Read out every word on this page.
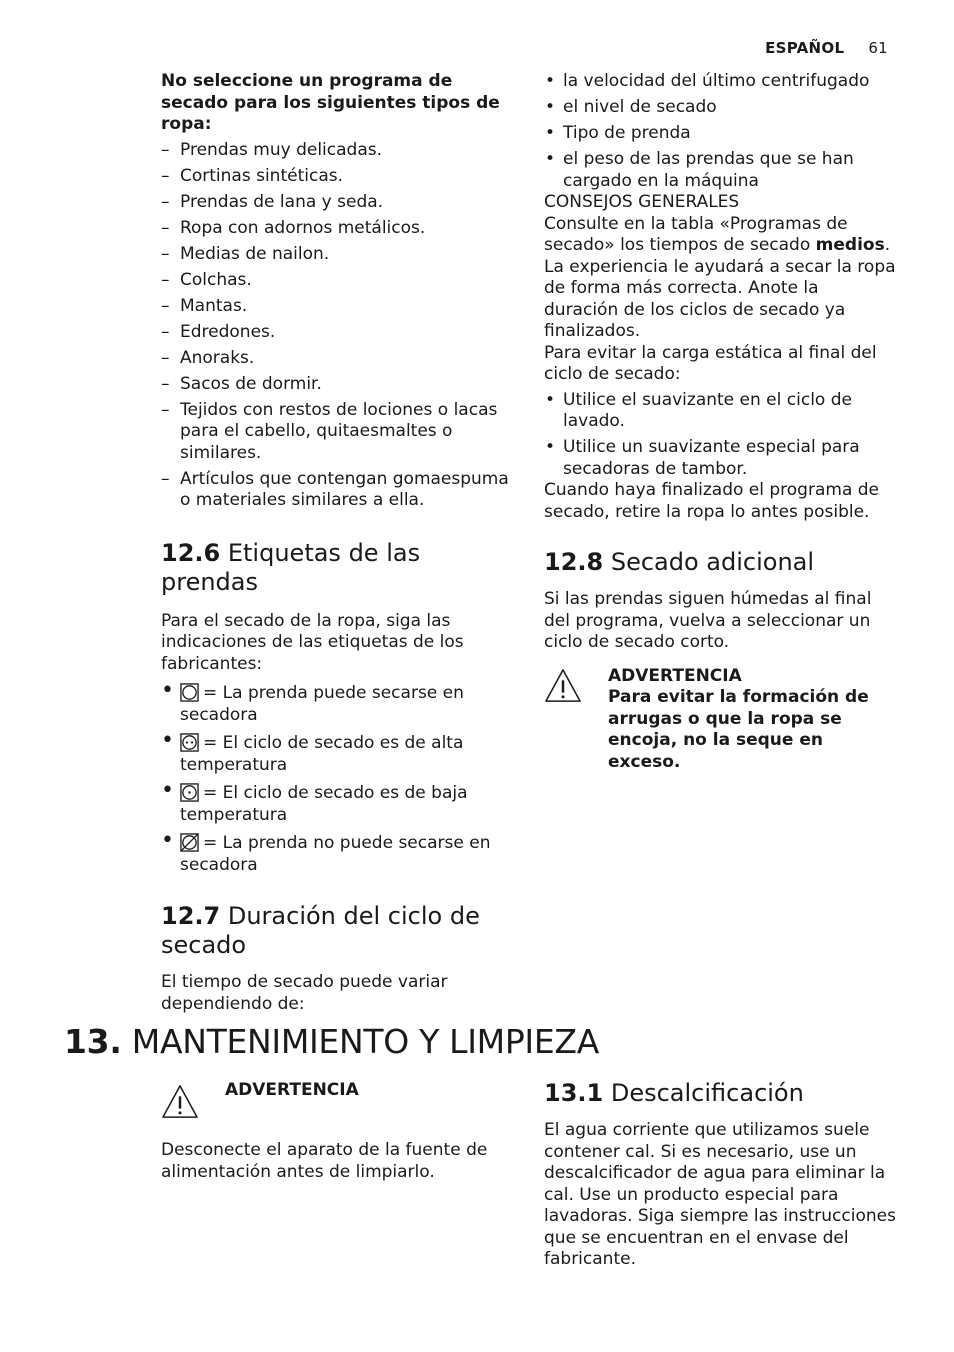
ESPAÑOL 61

No seleccione un programa de secado para los siguientes tipos de ropa:

– Prendas muy delicadas.
– Cortinas sintéticas.
– Prendas de lana y seda.
– Ropa con adornos metálicos.
– Medias de nailon.
– Colchas.
– Mantas.
– Edredones.
– Anoraks.
– Sacos de dormir.
– Tejidos con restos de lociones o lacas para el cabello, quitaesmaltes o similares.
– Artículos que contengan gomaespuma o materiales similares a ella.
12.6 Etiquetas de las prendas

Para el secado de la ropa, siga las indicaciones de las etiquetas de los fabricantes:

• = La prenda puede secarse en secadora
• = El ciclo de secado es de alta temperatura
• = El ciclo de secado es de baja temperatura
• = La prenda no puede secarse en secadora
12.7 Duración del ciclo de secado

El tiempo de secado puede variar dependiendo de:

• la velocidad del último centrifugado
• el nivel de secado
• Tipo de prenda
• el peso de las prendas que se han cargado en la máquina

CONSEJOS GENERALES

Consulte en la tabla «Programas de secado» los tiempos de secado medios.

La experiencia le ayudará a secar la ropa de forma más correcta. Anote la duración de los ciclos de secado ya finalizados.

Para evitar la carga estática al final del ciclo de secado:

• Utilice el suavizante en el ciclo de lavado.
• Utilice un suavizante especial para secadoras de tambor.

Cuando haya finalizado el programa de secado, retire la ropa lo antes posible.

12.8 Secado adicional

Si las prendas siguen húmedas al final del programa, vuelva a seleccionar un ciclo de secado corto.

ADVERTENCIA

Para evitar la formación de arrugas o que la ropa se encoja, no la seque en exceso.

13. MANTENIMIENTO Y LIMPIEZA

ADVERTENCIA

Desconecte el aparato de la fuente de alimentación antes de limpiarlo.

13.1 Descalcificación

El agua corriente que utilizamos suele contener cal. Si es necesario, use un descalcificador de agua para eliminar la cal. Use un producto especial para lavadoras. Siga siempre las instrucciones que se encuentran en el envase del fabricante.
